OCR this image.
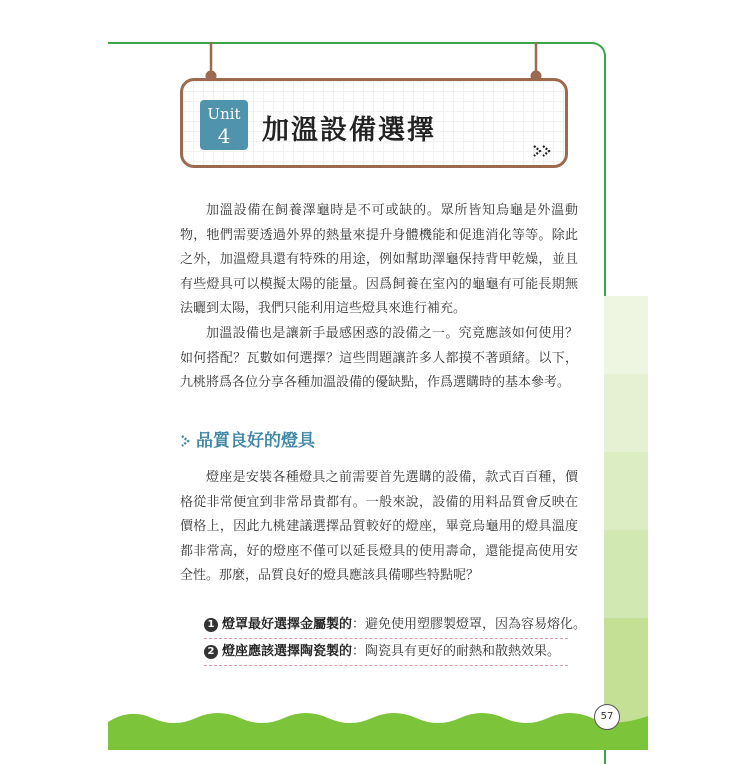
Unit
4	加溫設備選擇

加溫設備在飼養澤龜時是不可或缺的。眾所皆知烏龜是外溫動物，牠們需要透過外界的熱量來提升身體機能和促進消化等等。除此之外，加溫燈具還有特殊的用途，例如幫助澤龜保持背甲乾燥，並且有些燈具可以模擬太陽的能量。因爲飼養在室內的龜龜有可能長期無法曬到太陽，我們只能利用這些燈具來進行補充。

加溫設備也是讓新手最感困惑的設備之一。究竟應該如何使用？如何搭配？瓦數如何選擇？這些問題讓許多人都摸不著頭緒。以下，九桃將爲各位分享各種加溫設備的優缺點，作爲選購時的基本參考。

品質良好的燈具

燈座是安裝各種燈具之前需要首先選購的設備，款式百百種，價格從非常便宜到非常昂貴都有。一般來說，設備的用料品質會反映在價格上，因此九桃建議選擇品質較好的燈座，畢竟烏龜用的燈具溫度都非常高，好的燈座不僅可以延長燈具的使用壽命，還能提高使用安全性。那麼，品質良好的燈具應該具備哪些特點呢？

1 燈罩最好選擇金屬製的：避免使用塑膠製燈罩，因為容易熔化。
2 燈座應該選擇陶瓷製的：陶瓷具有更好的耐熱和散熱效果。
57
